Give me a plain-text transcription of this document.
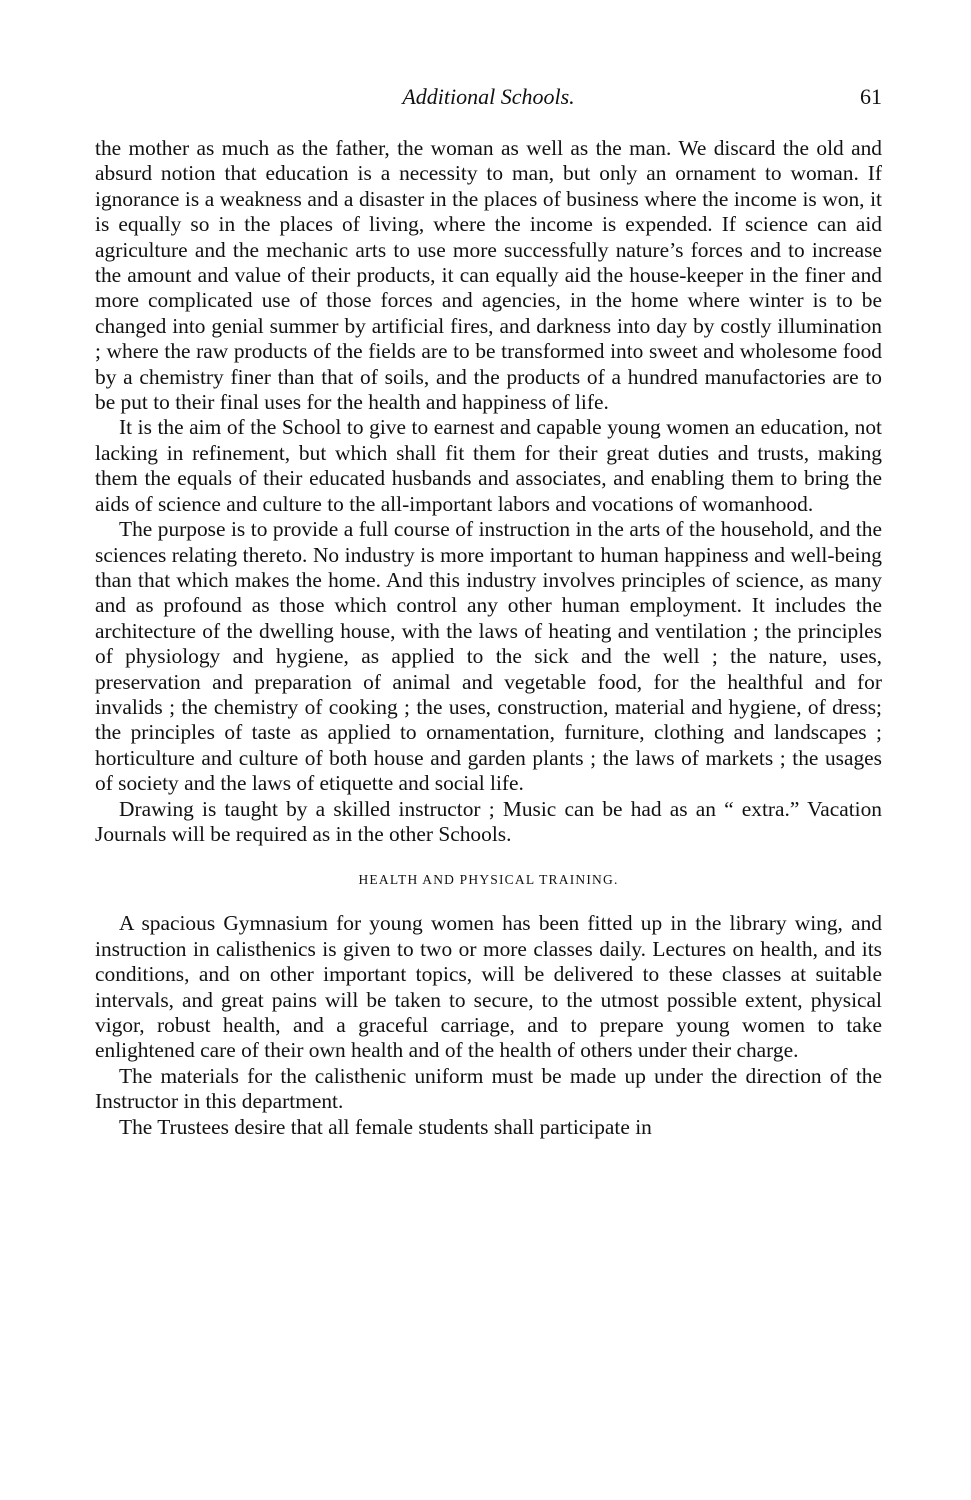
Additional Schools.	61

the mother as much as the father, the woman as well as the man. We discard the old and absurd notion that education is a necessity to man, but only an ornament to woman. If ignorance is a weakness and a disaster in the places of business where the income is won, it is equally so in the places of living, where the income is expended. If science can aid agriculture and the mechanic arts to use more successfully nature’s forces and to increase the amount and value of their products, it can equally aid the house-keeper in the finer and more complicated use of those forces and agencies, in the home where winter is to be changed into genial summer by artificial fires, and darkness into day by costly illumination ; where the raw products of the fields are to be transformed into sweet and wholesome food by a chemistry finer than that of soils, and the products of a hundred manufactories are to be put to their final uses for the health and happiness of life.

It is the aim of the School to give to earnest and capable young women an education, not lacking in refinement, but which shall fit them for their great duties and trusts, making them the equals of their educated husbands and associates, and enabling them to bring the aids of science and culture to the all-important labors and vocations of womanhood.

The purpose is to provide a full course of instruction in the arts of the household, and the sciences relating thereto. No industry is more important to human happiness and well-being than that which makes the home. And this industry involves principles of science, as many and as profound as those which control any other human employment. It includes the architecture of the dwelling house, with the laws of heating and ventilation ; the principles of physiology and hygiene, as applied to the sick and the well ; the nature, uses, preservation and preparation of animal and vegetable food, for the healthful and for invalids ; the chemistry of cooking ; the uses, construction, material and hygiene, of dress; the principles of taste as applied to ornamentation, furniture, clothing and landscapes ; horticulture and culture of both house and garden plants ; the laws of markets ; the usages of society and the laws of etiquette and social life.

Drawing is taught by a skilled instructor ; Music can be had as an “ extra.” Vacation Journals will be required as in the other Schools.

HEALTH AND PHYSICAL TRAINING.

A spacious Gymnasium for young women has been fitted up in the library wing, and instruction in calisthenics is given to two or more classes daily. Lectures on health, and its conditions, and on other important topics, will be delivered to these classes at suitable intervals, and great pains will be taken to secure, to the utmost possible extent, physical vigor, robust health, and a graceful carriage, and to prepare young women to take enlightened care of their own health and of the health of others under their charge.

The materials for the calisthenic uniform must be made up under the direction of the Instructor in this department.

The Trustees desire that all female students shall participate in
